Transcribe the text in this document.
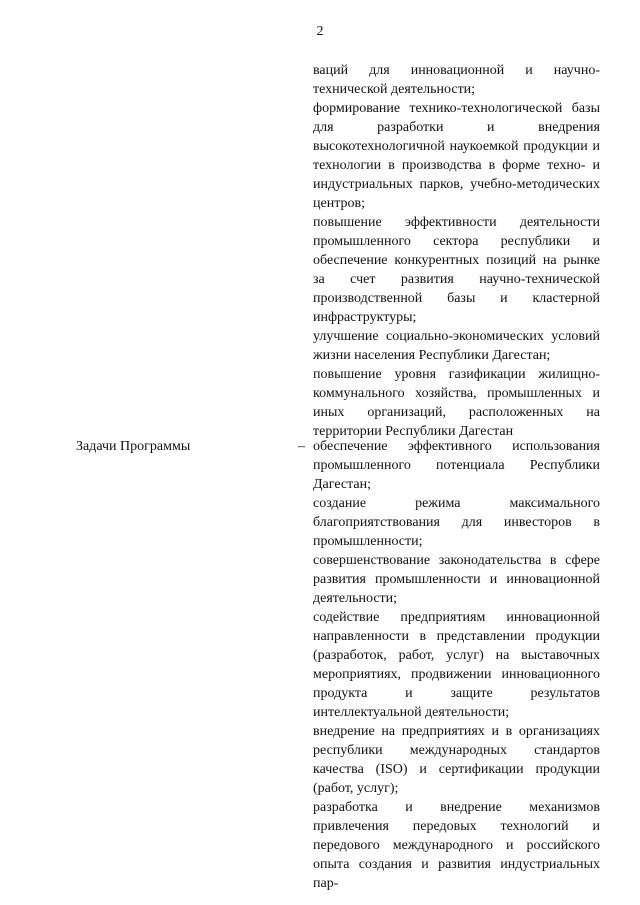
2
ваций для инновационной и научно-технической деятельности;
формирование технико-технологической базы для разработки и внедрения высокотехнологичной наукоемкой продукции и технологии в производства в форме техно- и индустриальных парков, учебно-методических центров;
повышение эффективности деятельности промышленного сектора республики и обеспечение конкурентных позиций на рынке за счет развития научно-технической производственной базы и кластерной инфраструктуры;
улучшение социально-экономических условий жизни населения Республики Дагестан;
повышение уровня газификации жилищно-коммунального хозяйства, промышленных и иных организаций, расположенных на территории Республики Дагестан
Задачи Программы	– обеспечение эффективного использования промышленного потенциала Республики Дагестан;
создание режима максимального благоприятствования для инвесторов в промышленности;
совершенствование законодательства в сфере развития промышленности и инновационной деятельности;
содействие предприятиям инновационной направленности в представлении продукции (разработок, работ, услуг) на выставочных мероприятиях, продвижении инновационного продукта и защите результатов интеллектуальной деятельности;
внедрение на предприятиях и в организациях республики международных стандартов качества (ISO) и сертификации продукции (работ, услуг);
разработка и внедрение механизмов привлечения передовых технологий и передового международного и российского опыта создания и развития индустриальных пар-
